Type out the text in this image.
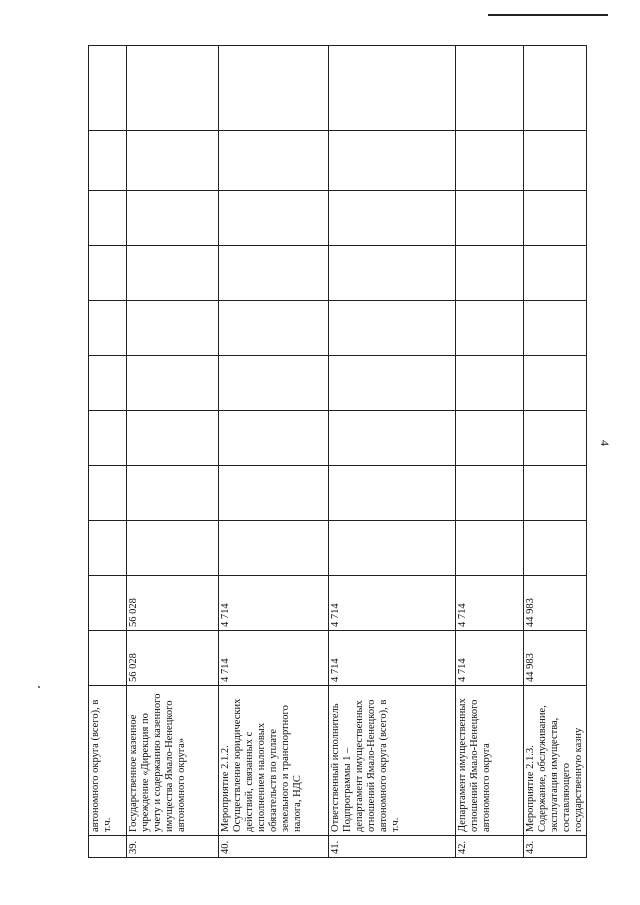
4
	автономного округа (всего), в т.ч.											
39.	Государственное казенное учреждение «Дирекция по учету и содержанию казенного имущества Ямало-Ненецкого автономного округа»	56 028	56 028									
40.	Мероприятие 2.1.2. Осуществление юридических действий, связанных с исполнением налоговых обязательств по уплате земельного и транспортного налога, НДС	4 714	4 714									
41.	Ответственный исполнитель Подпрограммы 1 – департамент имущественных отношений Ямало-Ненецкого автономного округа (всего), в т.ч.	4 714	4 714									
42.	Департамент имущественных отношений Ямало-Ненецкого автономного округа	4 714	4 714									
43.	Мероприятие 2.1.3. Содержание, обслуживание, эксплуатация имущества, составляющего государственную казну	44 983	44 983									
